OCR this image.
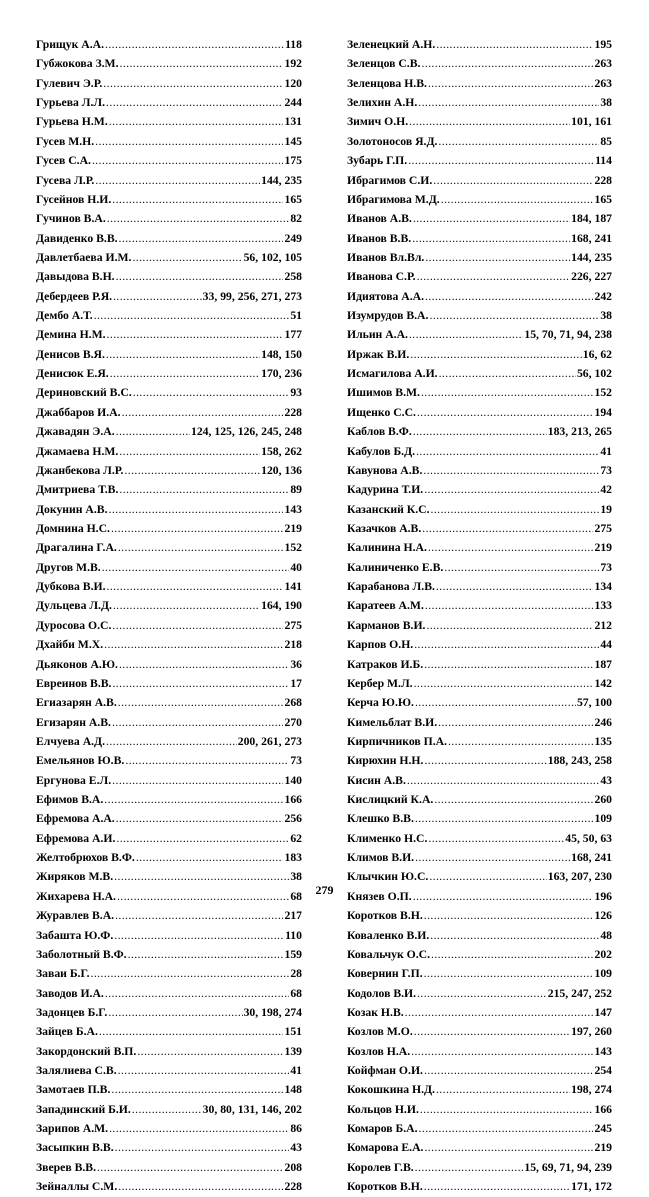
Грищук А.А. .....	118
Губжокова З.М. .....	192
Гулевич Э.Р. .....	120
Гурьева Л.Л. .....	244
Гурьева Н.М. .....	131
Гусев М.Н. .....	145
Гусев С.А. .....	175
Гусева Л.Р. .....	144, 235
Гусейнов Н.И. .....	165
Гучинов В.А. .....	82
Давиденко В.В. .....	249
Давлетбаева И.М. .....	56, 102, 105
Давыдова В.Н. .....	258
Дебердеев Р.Я. .....	33, 99, 256, 271, 273
Дембо А.Т. .....	51
Демина Н.М. .....	177
Денисов В.Я. .....	148, 150
Денисюк Е.Я. .....	170, 236
Дериновский В.С. .....	93
Джаббаров И.А. .....	228
Джавадян Э.А. .....	124, 125, 126, 245, 248
Джамаева Н.М. .....	158, 262
Джанбекова Л.Р. .....	120, 136
Дмитриева Т.В. .....	89
Докунин А.В. .....	143
Домнина Н.С. .....	219
Драгалина Г.А. .....	152
Другов М.В. .....	40
Дубкова В.И. .....	141
Дульцева Л.Д. .....	164, 190
Дуросова О.С. .....	275
Дхайби М.Х. .....	218
Дьяконов А.Ю. .....	36
Евреинов В.В. .....	17
Егиазарян А.В. .....	268
Егизарян А.В. .....	270
Елчуева А.Д. .....	200, 261, 273
Емельянов Ю.В. .....	73
Ергунова Е.Л. .....	140
Ефимов В.А. .....	166
Ефремова А.А. .....	256
Ефремова А.И. .....	62
Желтобрюхов В.Ф. .....	183
Жиряков М.В. .....	38
Жихарева Н.А. .....	68
Журавлев В.А. .....	217
Забашта Ю.Ф. .....	110
Заболотный В.Ф. .....	159
Заваи Б.Г. .....	28
Заводов И.А. .....	68
Задонцев Б.Г. .....	30, 198, 274
Зайцев Б.А. .....	151
Закордонский В.П. .....	139
Залялиева С.В. .....	41
Замотаев П.В. .....	148
Западинский Б.И. .....	30, 80, 131, 146, 202
Зарипов А.М. .....	86
Засыпкин В.В. .....	43
Зверев В.В. .....	208
Зейналлы С.М. .....	228
Зеленецкий А.Н. .....	195
Зеленцов С.В. .....	263
Зеленцова Н.В. .....	263
Зелихин А.Н. .....	38
Зимич О.Н. .....	101, 161
Золотоносов Я.Д. .....	85
Зубарь Г.П. .....	114
Ибрагимов С.И. .....	228
Ибрагимова М.Д. .....	165
Иванов А.В. .....	184, 187
Иванов В.В. .....	168, 241
Иванов Вл.Вл. .....	144, 235
Иванова С.Р. .....	226, 227
Идиятова А.А. .....	242
Изумрудов В.А. .....	38
Ильин А.А. .....	15, 70, 71, 94, 238
Иржак В.И. .....	16, 62
Исмагилова А.И. .....	56, 102
Ишимов В.М. .....	152
Ищенко С.С. .....	194
Каблов В.Ф. .....	183, 213, 265
Кабулов Б.Д. .....	41
Кавунова А.В. .....	73
Кадурина Т.И. .....	42
Казанский К.С. .....	19
Казачков А.В. .....	275
Калинина Н.А. .....	219
Калиниченко Е.В. .....	73
Карабанова Л.В. .....	134
Каратеев А.М. .....	133
Карманов В.И. .....	212
Карпов О.Н. .....	44
Катраков И.Б. .....	187
Кербер М.Л. .....	142
Керча Ю.Ю. .....	57, 100
Кимельблат В.И. .....	246
Кирпичников П.А. .....	135
Кирюхин Н.Н. .....	188, 243, 258
Кисин А.В. .....	43
Кислицкий К.А. .....	260
Клешко В.В. .....	109
Клименко Н.С. .....	45, 50, 63
Климов В.И. .....	168, 241
Клычкин Ю.С. .....	163, 207, 230
Князев О.П. .....	196
Коротков В.Н. .....	126
Коваленко В.И. .....	48
Ковальчук О.С. .....	202
Ковернин Г.П. .....	109
Кодолов В.И. .....	215, 247, 252
Козак Н.В. .....	147
Козлов М.О. .....	197, 260
Козлов Н.А. .....	143
Койфман О.И. .....	254
Кокошкина Н.Д. .....	198, 274
Кольцов Н.И. .....	166
Комаров Б.А. .....	245
Комарова Е.А. .....	219
Королев Г.В. .....	15, 69, 71, 94, 239
Коротков В.Н. .....	171, 172
279
